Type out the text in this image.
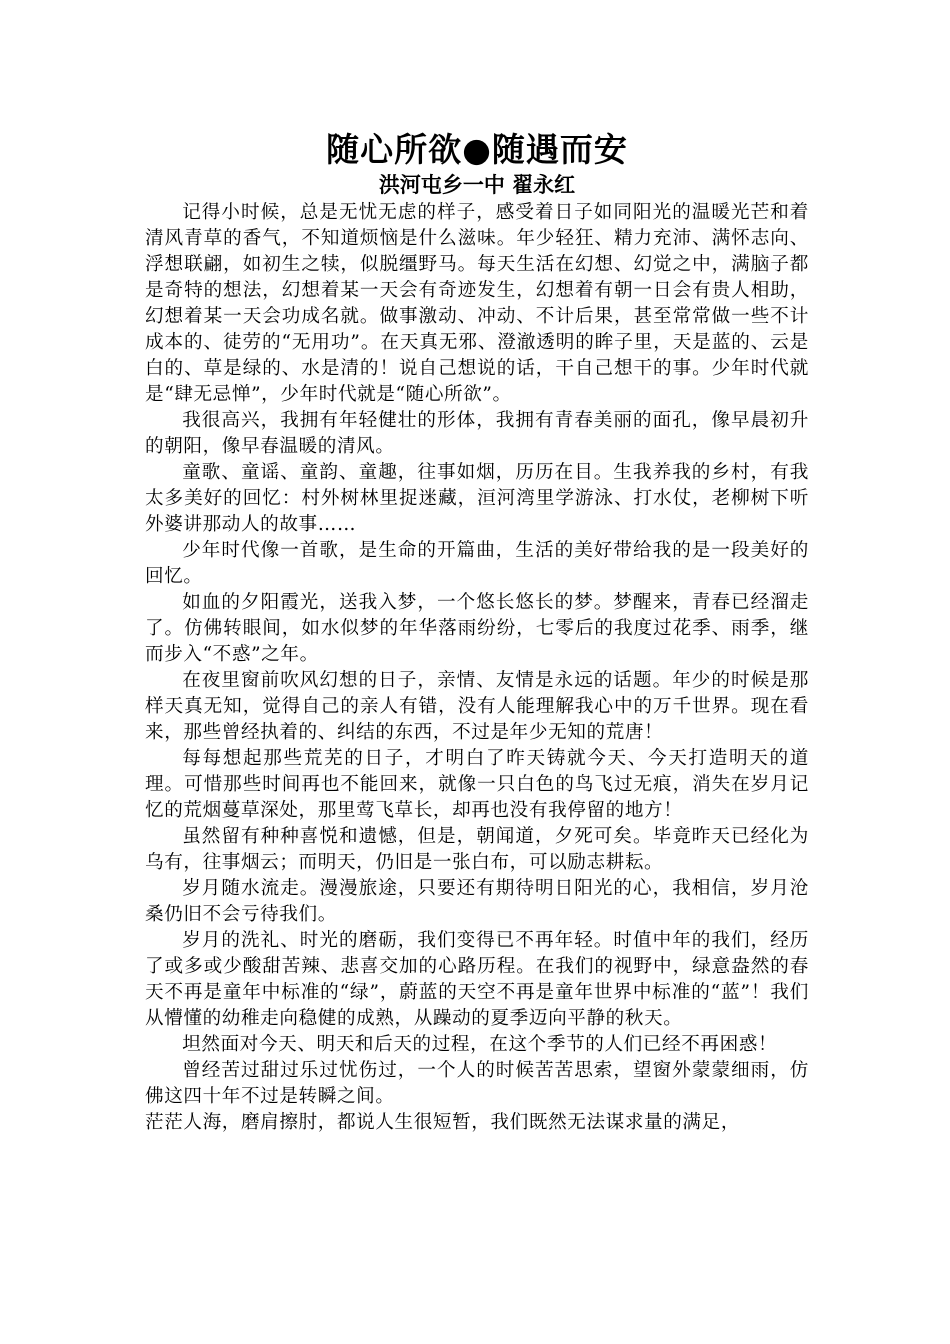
随心所欲●随遇而安
洪河屯乡一中 翟永红

记得小时候，总是无忧无虑的样子，感受着日子如同阳光的温暖光芒和着清风青草的香气，不知道烦恼是什么滋味。年少轻狂、精力充沛、满怀志向、浮想联翩，如初生之犊，似脱缰野马。每天生活在幻想、幻觉之中，满脑子都是奇特的想法，幻想着某一天会有奇迹发生，幻想着有朝一日会有贵人相助，幻想着某一天会功成名就。做事激动、冲动、不计后果，甚至常常做一些不计成本的、徒劳的“无用功”。在天真无邪、澄澈透明的眸子里，天是蓝的、云是白的、草是绿的、水是清的！说自己想说的话，干自己想干的事。少年时代就是“肆无忌惮”，少年时代就是“随心所欲”。

我很高兴，我拥有年轻健壮的形体，我拥有青春美丽的面孔，像早晨初升的朝阳，像早春温暖的清风。

童歌、童谣、童韵、童趣，往事如烟，历历在目。生我养我的乡村，有我太多美好的回忆：村外树林里捉迷藏，洹河湾里学游泳、打水仗，老柳树下听外婆讲那动人的故事……

少年时代像一首歌，是生命的开篇曲，生活的美好带给我的是一段美好的回忆。

如血的夕阳霞光，送我入梦，一个悠长悠长的梦。梦醒来，青春已经溜走了。仿佛转眼间，如水似梦的年华落雨纷纷，七零后的我度过花季、雨季，继而步入“不惑”之年。

在夜里窗前吹风幻想的日子，亲情、友情是永远的话题。年少的时候是那样天真无知，觉得自己的亲人有错，没有人能理解我心中的万千世界。现在看来，那些曾经执着的、纠结的东西，不过是年少无知的荒唐！

每每想起那些荒芜的日子，才明白了昨天铸就今天、今天打造明天的道理。可惜那些时间再也不能回来，就像一只白色的鸟飞过无痕，消失在岁月记忆的荒烟蔓草深处，那里莺飞草长，却再也没有我停留的地方！

虽然留有种种喜悦和遗憾，但是，朝闻道，夕死可矣。毕竟昨天已经化为乌有，往事烟云；而明天，仍旧是一张白布，可以励志耕耘。

岁月随水流走。漫漫旅途，只要还有期待明日阳光的心，我相信，岁月沧桑仍旧不会亏待我们。

岁月的洗礼、时光的磨砺，我们变得已不再年轻。时值中年的我们，经历了或多或少酸甜苦辣、悲喜交加的心路历程。在我们的视野中，绿意盎然的春天不再是童年中标准的“绿”，蔚蓝的天空不再是童年世界中标准的“蓝”！我们从懵懂的幼稚走向稳健的成熟，从躁动的夏季迈向平静的秋天。

坦然面对今天、明天和后天的过程，在这个季节的人们已经不再困惑！

曾经苦过甜过乐过忧伤过，一个人的时候苦苦思索，望窗外蒙蒙细雨，仿佛这四十年不过是转瞬之间。

茫茫人海，磨肩擦肘，都说人生很短暂，我们既然无法谋求量的满足，
